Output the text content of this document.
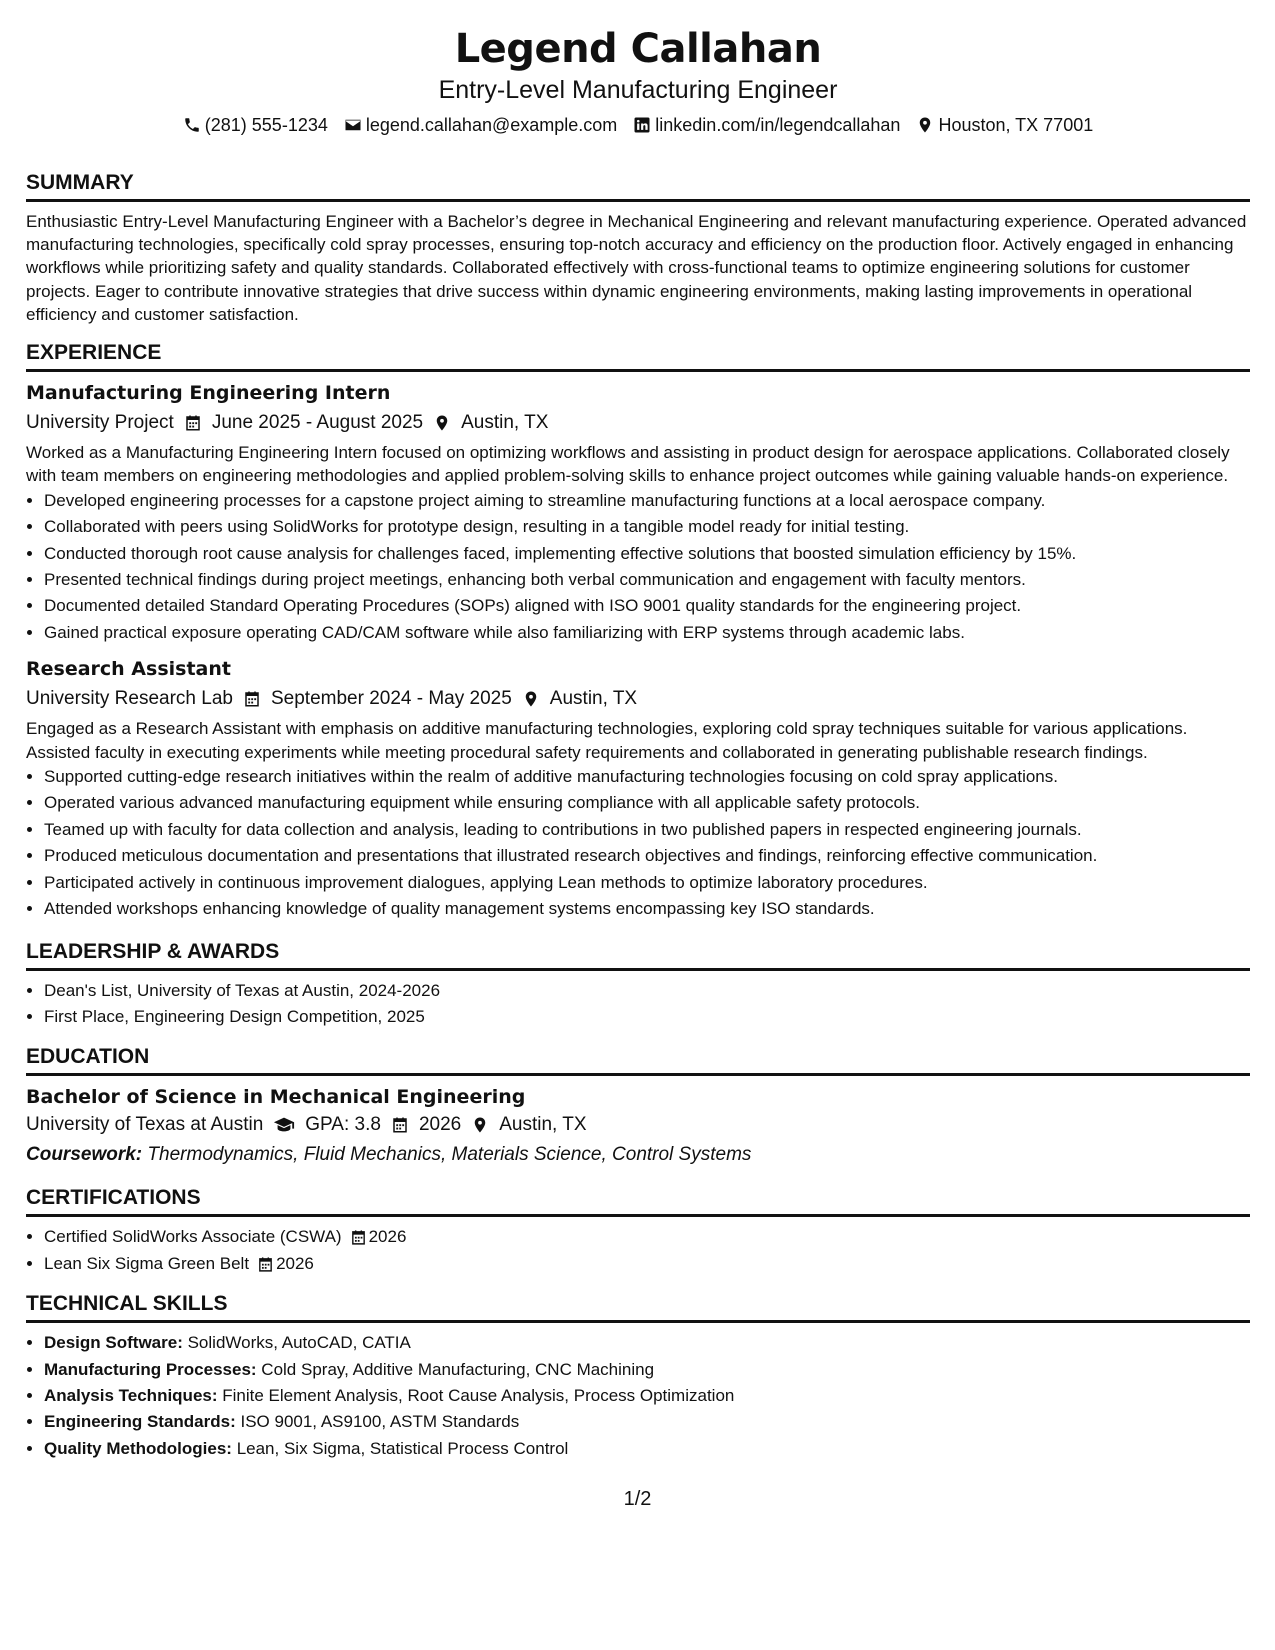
Legend Callahan
Entry-Level Manufacturing Engineer
(281) 555-1234 legend.callahan@example.com linkedin.com/in/legendcallahan Houston, TX 77001
SUMMARY

Enthusiastic Entry-Level Manufacturing Engineer with a Bachelor’s degree in Mechanical Engineering and relevant manufacturing experience. Operated advanced manufacturing technologies, specifically cold spray processes, ensuring top-notch accuracy and efficiency on the production floor. Actively engaged in enhancing workflows while prioritizing safety and quality standards. Collaborated effectively with cross-functional teams to optimize engineering solutions for customer projects. Eager to contribute innovative strategies that drive success within dynamic engineering environments, making lasting improvements in operational efficiency and customer satisfaction.

EXPERIENCE
Manufacturing Engineering Intern
University Project June 2025 - August 2025 Austin, TX

Worked as a Manufacturing Engineering Intern focused on optimizing workflows and assisting in product design for aerospace applications. Collaborated closely with team members on engineering methodologies and applied problem-solving skills to enhance project outcomes while gaining valuable hands-on experience.

• Developed engineering processes for a capstone project aiming to streamline manufacturing functions at a local aerospace company.
• Collaborated with peers using SolidWorks for prototype design, resulting in a tangible model ready for initial testing.
• Conducted thorough root cause analysis for challenges faced, implementing effective solutions that boosted simulation efficiency by 15%.
• Presented technical findings during project meetings, enhancing both verbal communication and engagement with faculty mentors.
• Documented detailed Standard Operating Procedures (SOPs) aligned with ISO 9001 quality standards for the engineering project.
• Gained practical exposure operating CAD/CAM software while also familiarizing with ERP systems through academic labs.
Research Assistant
University Research Lab September 2024 - May 2025 Austin, TX

Engaged as a Research Assistant with emphasis on additive manufacturing technologies, exploring cold spray techniques suitable for various applications. Assisted faculty in executing experiments while meeting procedural safety requirements and collaborated in generating publishable research findings.

• Supported cutting-edge research initiatives within the realm of additive manufacturing technologies focusing on cold spray applications.
• Operated various advanced manufacturing equipment while ensuring compliance with all applicable safety protocols.
• Teamed up with faculty for data collection and analysis, leading to contributions in two published papers in respected engineering journals.
• Produced meticulous documentation and presentations that illustrated research objectives and findings, reinforcing effective communication.
• Participated actively in continuous improvement dialogues, applying Lean methods to optimize laboratory procedures.
• Attended workshops enhancing knowledge of quality management systems encompassing key ISO standards.
LEADERSHIP & AWARDS
• Dean's List, University of Texas at Austin, 2024-2026
• First Place, Engineering Design Competition, 2025
EDUCATION
Bachelor of Science in Mechanical Engineering
University of Texas at Austin GPA: 3.8 2026 Austin, TX
Coursework: Thermodynamics, Fluid Mechanics, Materials Science, Control Systems
CERTIFICATIONS
• Certified SolidWorks Associate (CSWA) 2026
• Lean Six Sigma Green Belt 2026
TECHNICAL SKILLS
• Design Software: SolidWorks, AutoCAD, CATIA
• Manufacturing Processes: Cold Spray, Additive Manufacturing, CNC Machining
• Analysis Techniques: Finite Element Analysis, Root Cause Analysis, Process Optimization
• Engineering Standards: ISO 9001, AS9100, ASTM Standards
• Quality Methodologies: Lean, Six Sigma, Statistical Process Control
1/2
